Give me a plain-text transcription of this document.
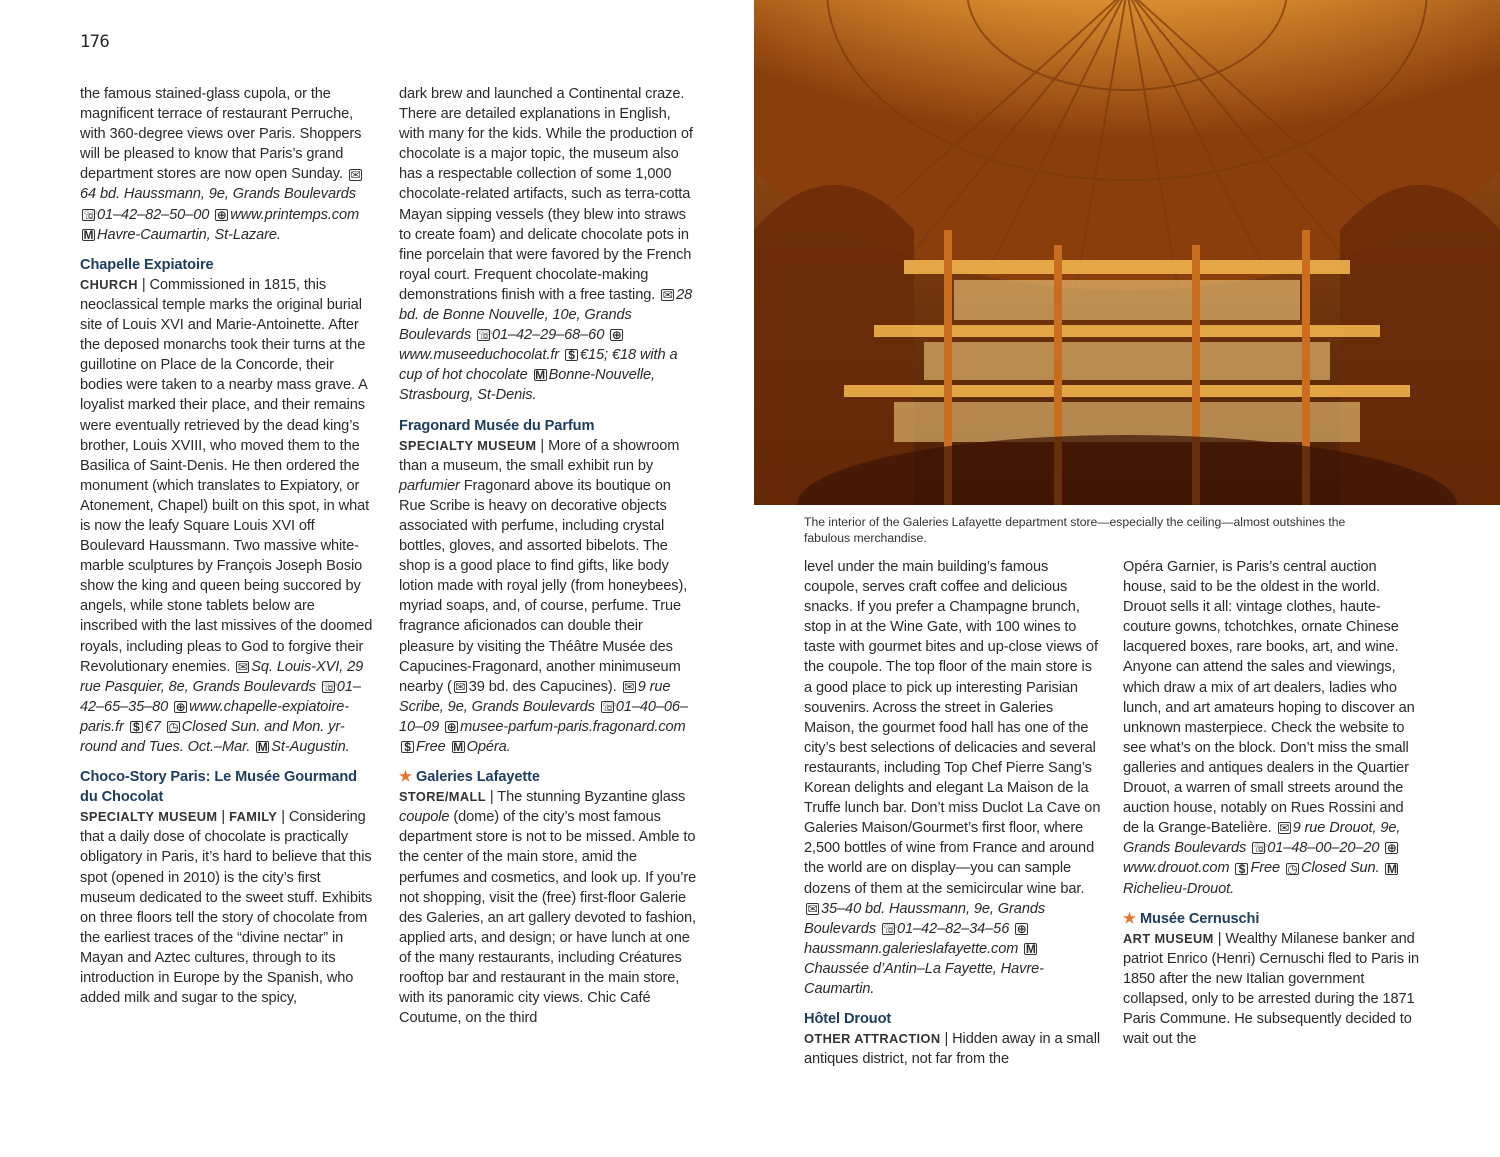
176

the famous stained-glass cupola, or the magnificent terrace of restaurant Perruche, with 360-degree views over Paris. Shoppers will be pleased to know that Paris’s grand department stores are now open Sunday. ✉64 bd. Haussmann, 9e, Grands Boulevards ☏01–42–82–50–00 ⊕ www.printemps.com M Havre-Caumartin, St-Lazare.

Chapelle Expiatoire

CHURCH | Commissioned in 1815, this neoclassical temple marks the original burial site of Louis XVI and Marie-Antoinette. After the deposed monarchs took their turns at the guillotine on Place de la Concorde, their bodies were taken to a nearby mass grave. A loyalist marked their place, and their remains were eventually retrieved by the dead king’s brother, Louis XVIII, who moved them to the Basilica of Saint-Denis. He then ordered the monument (which translates to Expiatory, or Atonement, Chapel) built on this spot, in what is now the leafy Square Louis XVI off Boulevard Haussmann. Two massive white-marble sculptures by François Joseph Bosio show the king and queen being succored by angels, while stone tablets below are inscribed with the last missives of the doomed royals, including pleas to God to forgive their Revolutionary enemies. ✉ Sq. Louis-XVI, 29 rue Pasquier, 8e, Grands Boulevards ☏01–42–65–35–80 ⊕ www.chapelle-expiatoire-paris.fr $ €7 ◷ Closed Sun. and Mon. yr-round and Tues. Oct.–Mar. M St-Augustin.

Choco-Story Paris: Le Musée Gourmand du Chocolat

SPECIALTY MUSEUM | FAMILY | Considering that a daily dose of chocolate is practically obligatory in Paris, it’s hard to believe that this spot (opened in 2010) is the city’s first museum dedicated to the sweet stuff. Exhibits on three floors tell the story of chocolate from the earliest traces of the “divine nectar” in Mayan and Aztec cultures, through to its introduction in Europe by the Spanish, who added milk and sugar to the spicy,

dark brew and launched a Continental craze. There are detailed explanations in English, with many for the kids. While the production of chocolate is a major topic, the museum also has a respectable collection of some 1,000 chocolate-related artifacts, such as terra-cotta Mayan sipping vessels (they blew into straws to create foam) and delicate chocolate pots in fine porcelain that were favored by the French royal court. Frequent chocolate-making demonstrations finish with a free tasting. ✉ 28 bd. de Bonne Nouvelle, 10e, Grands Boulevards ☏01–42–29–68–60 ⊕www.museeduchocolat.fr $ €15; €18 with a cup of hot chocolate M Bonne-Nouvelle, Strasbourg, St-Denis.

Fragonard Musée du Parfum

SPECIALTY MUSEUM | More of a showroom than a museum, the small exhibit run by parfumier Fragonard above its boutique on Rue Scribe is heavy on decorative objects associated with perfume, including crystal bottles, gloves, and assorted bibelots. The shop is a good place to find gifts, like body lotion made with royal jelly (from honeybees), myriad soaps, and, of course, perfume. True fragrance aficionados can double their pleasure by visiting the Théâtre Musée des Capucines-Fragonard, another minimuseum nearby ( ✉ 39 bd. des Capucines). ✉ 9 rue Scribe, 9e, Grands Boulevards ☏01–40–06–10–09 ⊕ musee-parfum-paris.fragonard.com $ Free M Opéra.

★ Galeries Lafayette

STORE/MALL | The stunning Byzantine glass coupole (dome) of the city’s most famous department store is not to be missed. Amble to the center of the main store, amid the perfumes and cosmetics, and look up. If you’re not shopping, visit the (free) first-floor Galerie des Galeries, an art gallery devoted to fashion, applied arts, and design; or have lunch at one of the many restaurants, including Créatures rooftop bar and restaurant in the main store, with its panoramic city views. Chic Café Coutume, on the third

The interior of the Galeries Lafayette department store—especially the ceiling—almost outshines the fabulous merchandise.

level under the main building’s famous coupole, serves craft coffee and delicious snacks. If you prefer a Champagne brunch, stop in at the Wine Gate, with 100 wines to taste with gourmet bites and up-close views of the coupole. The top floor of the main store is a good place to pick up interesting Parisian souvenirs. Across the street in Galeries Maison, the gourmet food hall has one of the city’s best selections of delicacies and several restaurants, including Top Chef Pierre Sang’s Korean delights and elegant La Maison de la Truffe lunch bar. Don’t miss Duclot La Cave on Galeries Maison/Gourmet’s first floor, where 2,500 bottles of wine from France and around the world are on display—you can sample dozens of them at the semicircular wine bar. ✉ 35–40 bd. Haussmann, 9e, Grands Boulevards ☏01–42–82–34–56 ⊕haussmann.galerieslafayette.com MChaussée d’Antin–La Fayette, Havre-Caumartin.

Hôtel Drouot

OTHER ATTRACTION | Hidden away in a small antiques district, not far from the

Opéra Garnier, is Paris’s central auction house, said to be the oldest in the world. Drouot sells it all: vintage clothes, haute-couture gowns, tchotchkes, ornate Chinese lacquered boxes, rare books, art, and wine. Anyone can attend the sales and viewings, which draw a mix of art dealers, ladies who lunch, and art amateurs hoping to discover an unknown masterpiece. Check the website to see what’s on the block. Don’t miss the small galleries and antiques dealers in the Quartier Drouot, a warren of small streets around the auction house, notably on Rues Rossini and de la Grange-Batelière. ✉ 9 rue Drouot, 9e, Grands Boulevards ☏01–48–00–20–20 ⊕www.drouot.com $ Free ◷ Closed Sun. MRichelieu-Drouot.

★ Musée Cernuschi

ART MUSEUM | Wealthy Milanese banker and patriot Enrico (Henri) Cernuschi fled to Paris in 1850 after the new Italian government collapsed, only to be arrested during the 1871 Paris Commune. He subsequently decided to wait out the
